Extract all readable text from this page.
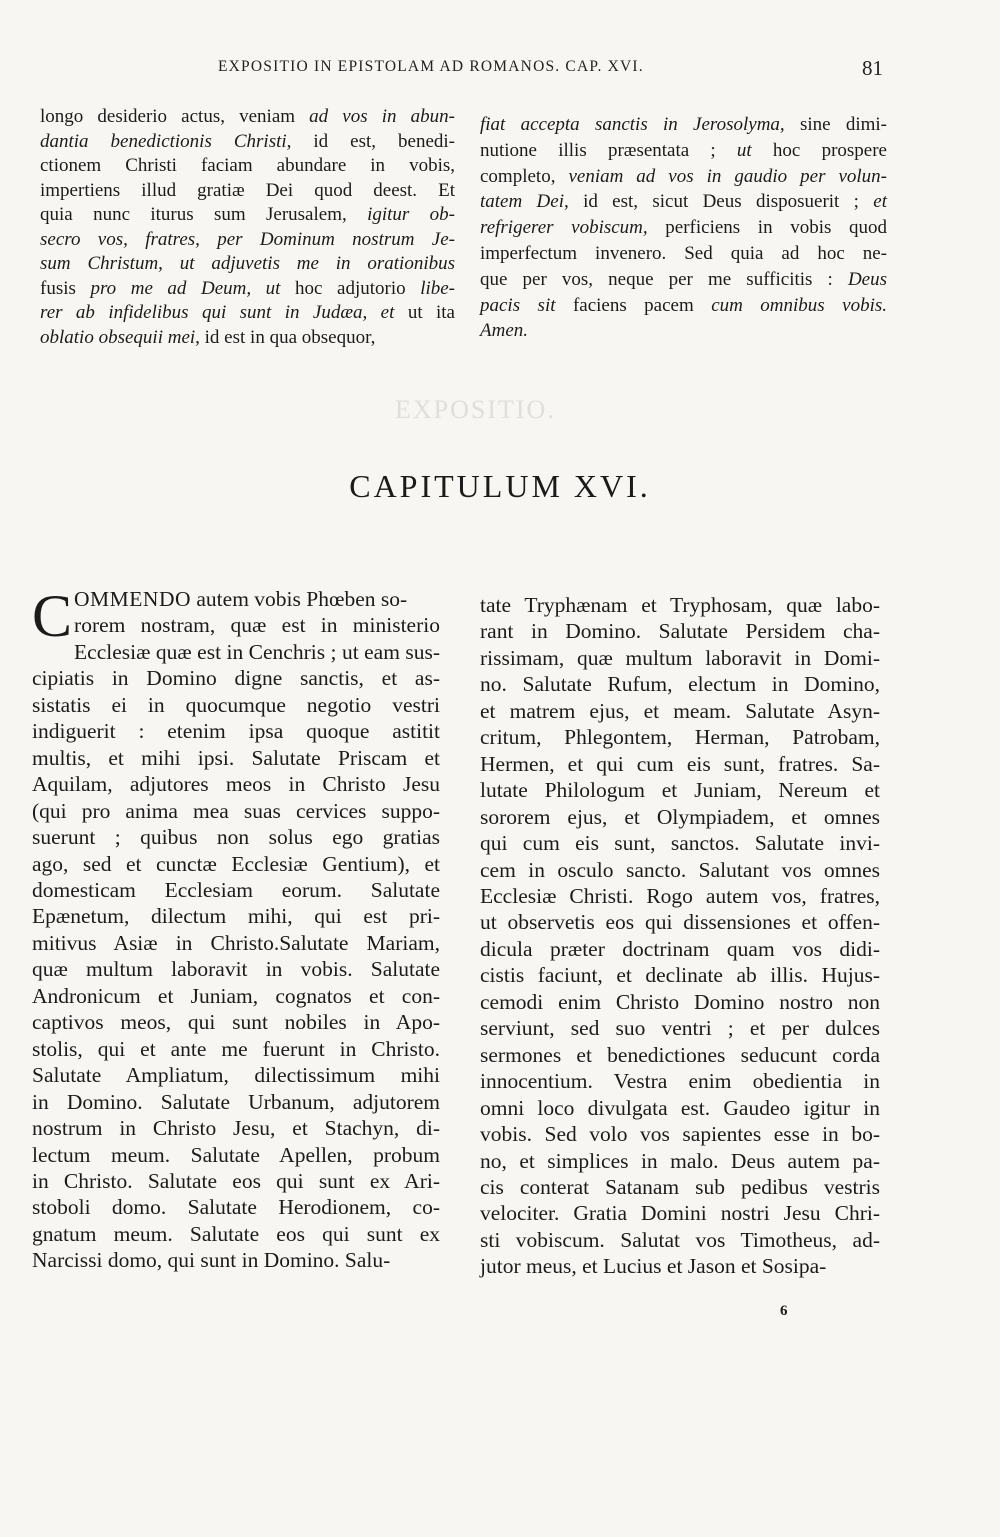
EXPOSITIO.
EXPOSITIO IN EPISTOLAM AD ROMANOS. CAP. XVI.	81
longo desiderio actus, veniam ad vos in abun-
dantia benedictionis Christi, id est, benedi-
ctionem Christi faciam abundare in vobis,
impertiens illud gratiæ Dei quod deest. Et
quia nunc iturus sum Jerusalem, igitur ob-
secro vos, fratres, per Dominum nostrum Je-
sum Christum, ut adjuvetis me in orationibus
fusis pro me ad Deum, ut hoc adjutorio libe-
rer ab infidelibus qui sunt in Judæa, et ut ita
oblatio obsequii mei, id est in qua obsequor,
fiat accepta sanctis in Jerosolyma, sine dimi-
nutione illis præsentata ; ut hoc prospere
completo, veniam ad vos in gaudio per volun-
tatem Dei, id est, sicut Deus disposuerit ; et
refrigerer vobiscum, perficiens in vobis quod
imperfectum invenero. Sed quia ad hoc ne-
que per vos, neque per me sufficitis : Deus
pacis sit faciens pacem cum omnibus vobis.
Amen.
CAPITULUM XVI.
COMMENDO autem vobis Phœben so-
rorem nostram, quæ est in ministerio
Ecclesiæ quæ est in Cenchris ; ut eam sus-
cipiatis in Domino digne sanctis, et as-
sistatis ei in quocumque negotio vestri
indiguerit : etenim ipsa quoque astitit
multis, et mihi ipsi. Salutate Priscam et
Aquilam, adjutores meos in Christo Jesu
(qui pro anima mea suas cervices suppo-
suerunt ; quibus non solus ego gratias
ago, sed et cunctæ Ecclesiæ Gentium), et
domesticam Ecclesiam eorum. Salutate
Epænetum, dilectum mihi, qui est pri-
mitivus Asiæ in Christo.Salutate Mariam,
quæ multum laboravit in vobis. Salutate
Andronicum et Juniam, cognatos et con-
captivos meos, qui sunt nobiles in Apo-
stolis, qui et ante me fuerunt in Christo.
Salutate Ampliatum, dilectissimum mihi
in Domino. Salutate Urbanum, adjutorem
nostrum in Christo Jesu, et Stachyn, di-
lectum meum. Salutate Apellen, probum
in Christo. Salutate eos qui sunt ex Ari-
stoboli domo. Salutate Herodionem, co-
gnatum meum. Salutate eos qui sunt ex
Narcissi domo, qui sunt in Domino. Salu-
tate Tryphænam et Tryphosam, quæ labo-
rant in Domino. Salutate Persidem cha-
rissimam, quæ multum laboravit in Domi-
no. Salutate Rufum, electum in Domino,
et matrem ejus, et meam. Salutate Asyn-
critum, Phlegontem, Herman, Patrobam,
Hermen, et qui cum eis sunt, fratres. Sa-
lutate Philologum et Juniam, Nereum et
sororem ejus, et Olympiadem, et omnes
qui cum eis sunt, sanctos. Salutate invi-
cem in osculo sancto. Salutant vos omnes
Ecclesiæ Christi. Rogo autem vos, fratres,
ut observetis eos qui dissensiones et offen-
dicula præter doctrinam quam vos didi-
cistis faciunt, et declinate ab illis. Hujus-
cemodi enim Christo Domino nostro non
serviunt, sed suo ventri ; et per dulces
sermones et benedictiones seducunt corda
innocentium. Vestra enim obedientia in
omni loco divulgata est. Gaudeo igitur in
vobis. Sed volo vos sapientes esse in bo-
no, et simplices in malo. Deus autem pa-
cis conterat Satanam sub pedibus vestris
velociter. Gratia Domini nostri Jesu Chri-
sti vobiscum. Salutat vos Timotheus, ad-
jutor meus, et Lucius et Jason et Sosipa-
6
